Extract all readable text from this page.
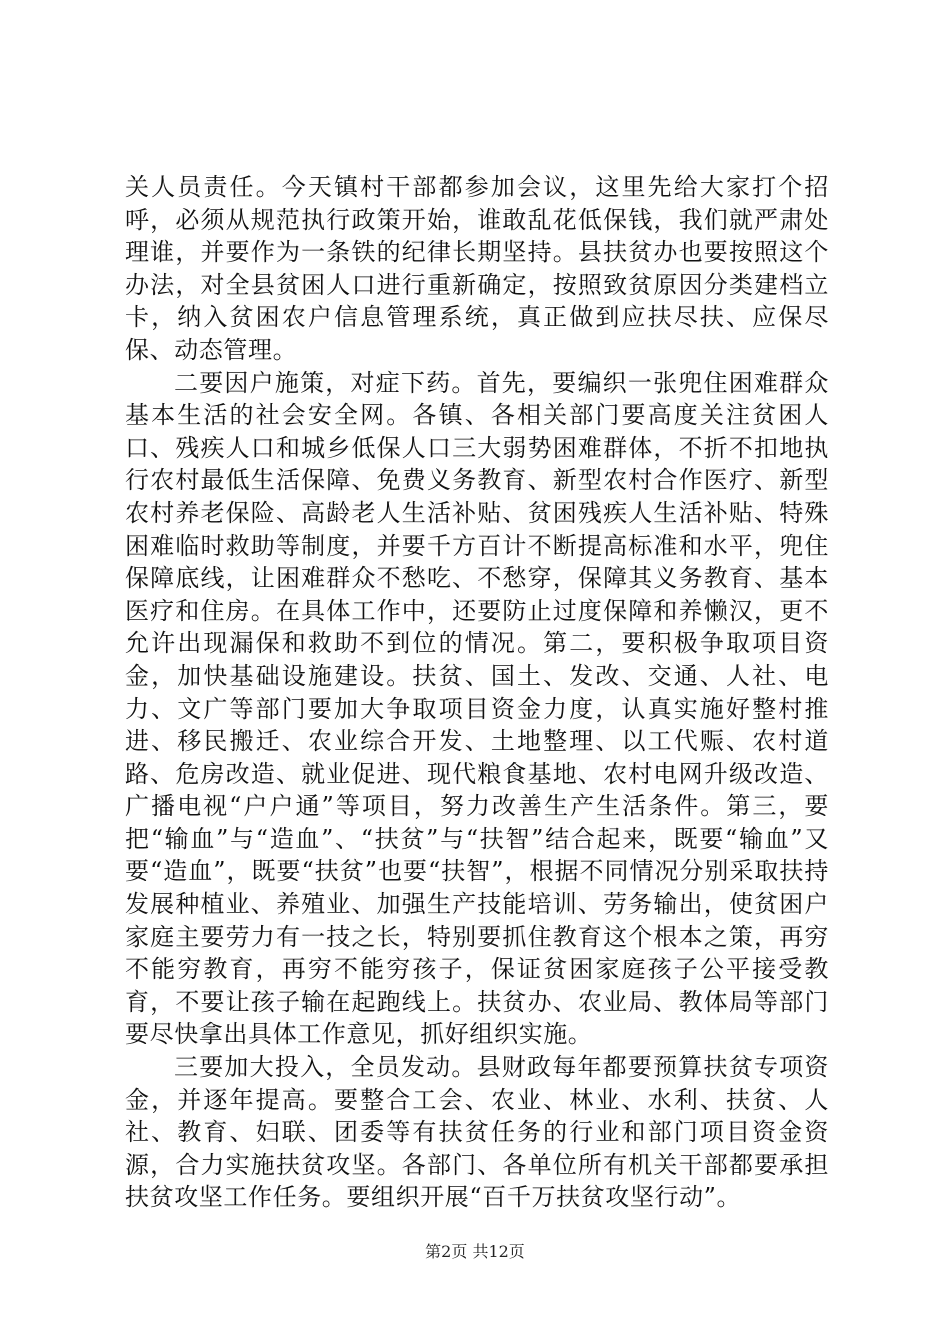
关人员责任。今天镇村干部都参加会议，这里先给大家打个招呼，必须从规范执行政策开始，谁敢乱花低保钱，我们就严肃处理谁，并要作为一条铁的纪律长期坚持。县扶贫办也要按照这个办法，对全县贫困人口进行重新确定，按照致贫原因分类建档立卡，纳入贫困农户信息管理系统，真正做到应扶尽扶、应保尽保、动态管理。

二要因户施策，对症下药。首先，要编织一张兜住困难群众基本生活的社会安全网。各镇、各相关部门要高度关注贫困人口、残疾人口和城乡低保人口三大弱势困难群体，不折不扣地执行农村最低生活保障、免费义务教育、新型农村合作医疗、新型农村养老保险、高龄老人生活补贴、贫困残疾人生活补贴、特殊困难临时救助等制度，并要千方百计不断提高标准和水平，兜住保障底线，让困难群众不愁吃、不愁穿，保障其义务教育、基本医疗和住房。在具体工作中，还要防止过度保障和养懒汉，更不允许出现漏保和救助不到位的情况。第二，要积极争取项目资金，加快基础设施建设。扶贫、国土、发改、交通、人社、电力、文广等部门要加大争取项目资金力度，认真实施好整村推进、移民搬迁、农业综合开发、土地整理、以工代赈、农村道路、危房改造、就业促进、现代粮食基地、农村电网升级改造、广播电视“户户通”等项目，努力改善生产生活条件。第三，要把“输血”与“造血”、“扶贫”与“扶智”结合起来，既要“输血”又要“造血”，既要“扶贫”也要“扶智”，根据不同情况分别采取扶持发展种植业、养殖业、加强生产技能培训、劳务输出，使贫困户家庭主要劳力有一技之长，特别要抓住教育这个根本之策，再穷不能穷教育，再穷不能穷孩子，保证贫困家庭孩子公平接受教育，不要让孩子输在起跑线上。扶贫办、农业局、教体局等部门要尽快拿出具体工作意见，抓好组织实施。

三要加大投入，全员发动。县财政每年都要预算扶贫专项资金，并逐年提高。要整合工会、农业、林业、水利、扶贫、人社、教育、妇联、团委等有扶贫任务的行业和部门项目资金资源，合力实施扶贫攻坚。各部门、各单位所有机关干部都要承担扶贫攻坚工作任务。要组织开展“百千万扶贫攻坚行动”。

第2页 共12页
